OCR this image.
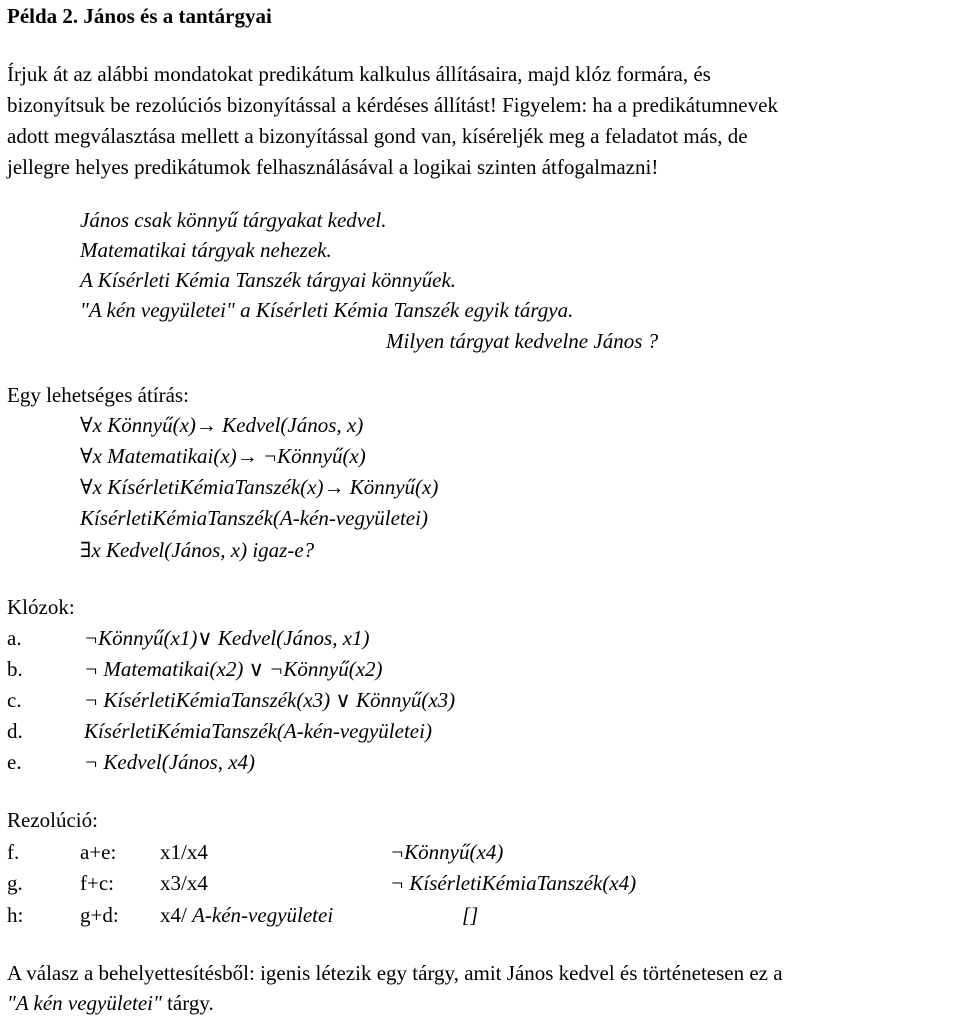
Példa 2. János és a tantárgyai
Írjuk át az alábbi mondatokat predikátum kalkulus állításaira, majd klóz formára, és
bizonyítsuk be rezolúciós bizonyítással a kérdéses állítást! Figyelem: ha a predikátumnevek
adott megválasztása mellett a bizonyítással gond van, kíséreljék meg a feladatot más, de
jellegre helyes predikátumok felhasználásával a logikai szinten átfogalmazni!
János csak könnyű tárgyakat kedvel.
Matematikai tárgyak nehezek.
A Kísérleti Kémia Tanszék tárgyai könnyűek.
"A kén vegyületei" a Kísérleti Kémia Tanszék egyik tárgya.
Milyen tárgyat kedvelne János ?
Egy lehetséges átírás:
∀x Könnyű(x)→ Kedvel(János, x)
∀x Matematikai(x)→ ¬Könnyű(x)
∀x KísérletiKémiaTanszék(x)→ Könnyű(x)
KísérletiKémiaTanszék(A-kén-vegyületei)
∃x Kedvel(János, x) igaz-e?
Klózok:
a.	¬Könnyű(x1)∨ Kedvel(János, x1)
b.	¬ Matematikai(x2) ∨ ¬Könnyű(x2)
c.	¬ KísérletiKémiaTanszék(x3) ∨ Könnyű(x3)
d.	KísérletiKémiaTanszék(A-kén-vegyületei)
e.	¬ Kedvel(János, x4)
Rezolúció:
f.	a+e: x1/x4	¬Könnyű(x4)
g.	f+c: x3/x4	¬ KísérletiKémiaTanszék(x4)
h:	g+d: x4/ A-kén-vegyületei	[]
A válasz a behelyettesítésből: igenis létezik egy tárgy, amit János kedvel és történetesen ez a
"A kén vegyületei" tárgy.
